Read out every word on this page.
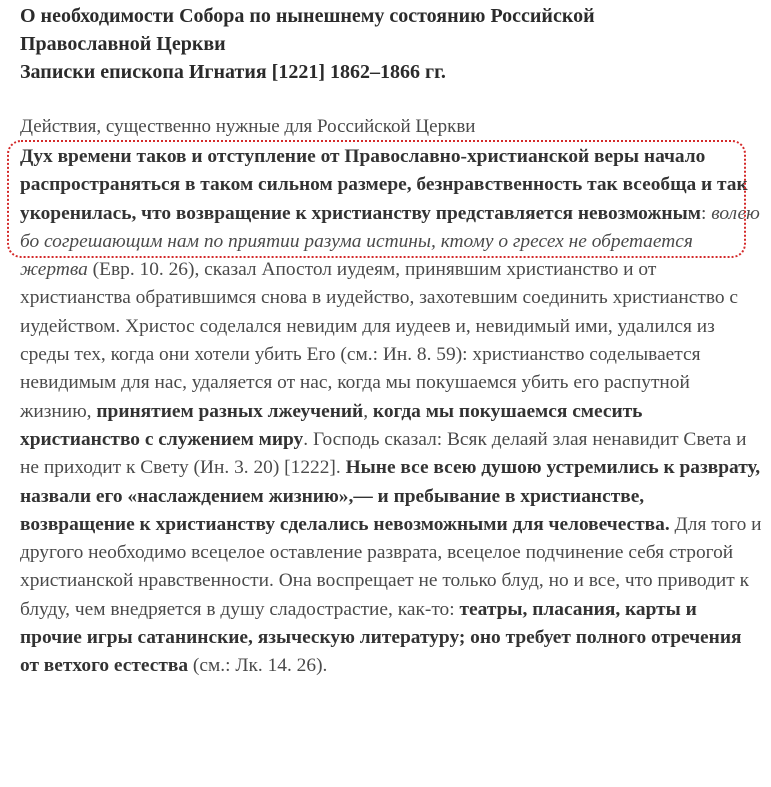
О необходимости Собора по нынешнему состоянию Российской
Православной Церкви
Записки епископа Игнатия [1221] 1862–1866 гг.
Действия, существенно нужные для Российской Церкви

Дух времени таков и отступление от Православно-христианской веры начало распространяться в таком сильном размере, безнравственность так всеобща и так укоренилась, что возвращение к христианству представляется невозможным: волею бо согрешающим нам по приятии разума истины, ктому о гресех не обретается жертва (Евр. 10. 26), сказал Апостол иудеям, принявшим христианство и от христианства обратившимся снова в иудейство, захотевшим соединить христианство с иудейством. Христос соделался невидим для иудеев и, невидимый ими, удалился из среды тех, когда они хотели убить Его (см.: Ин. 8. 59): христианство соделывается невидимым для нас, удаляется от нас, когда мы покушаемся убить его распутной жизнию, принятием разных лжеучений, когда мы покушаемся смесить христианство с служением миру. Господь сказал: Всяк делаяй злая ненавидит Света и не приходит к Свету (Ин. 3. 20) [1222]. Ныне все всею душою устремились к разврату, назвали его «наслаждением жизнию»,— и пребывание в христианстве, возвращение к христианству сделались невозможными для человечества. Для того и другого необходимо всецелое оставление разврата, всецелое подчинение себя строгой христианской нравственности. Она воспрещает не только блуд, но и все, что приводит к блуду, чем внедряется в душу сладострастие, как-то: театры, пласания, карты и прочие игры сатанинские, языческую литературу; оно требует полного отречения от ветхого естества (см.: Лк. 14. 26).
